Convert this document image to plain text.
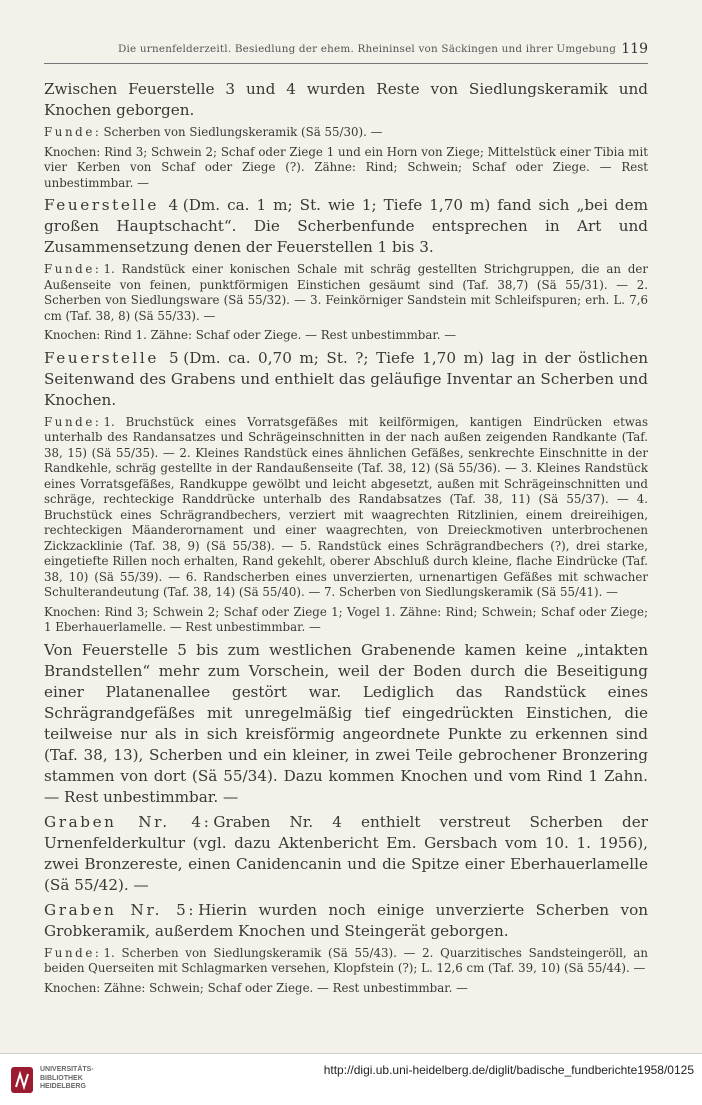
Die urnenfelderzeitl. Besiedlung der ehem. Rheininsel von Säckingen und ihrer Umgebung 119

Zwischen Feuerstelle 3 und 4 wurden Reste von Siedlungskeramik und Knochen geborgen.

Funde: Scherben von Siedlungskeramik (Sä 55/30). —

Knochen: Rind 3; Schwein 2; Schaf oder Ziege 1 und ein Horn von Ziege; Mittelstück einer Tibia mit vier Kerben von Schaf oder Ziege (?). Zähne: Rind; Schwein; Schaf oder Ziege. — Rest unbestimmbar. —

Feuerstelle 4 (Dm. ca. 1 m; St. wie 1; Tiefe 1,70 m) fand sich „bei dem großen Hauptschacht“. Die Scherbenfunde entsprechen in Art und Zusammensetzung denen der Feuerstellen 1 bis 3.

Funde: 1. Randstück einer konischen Schale mit schräg gestellten Strichgruppen, die an der Außenseite von feinen, punktförmigen Einstichen gesäumt sind (Taf. 38,7) (Sä 55/31). — 2. Scherben von Siedlungsware (Sä 55/32). — 3. Feinkörniger Sandstein mit Schleifspuren; erh. L. 7,6 cm (Taf. 38, 8) (Sä 55/33). —

Knochen: Rind 1. Zähne: Schaf oder Ziege. — Rest unbestimmbar. —

Feuerstelle 5 (Dm. ca. 0,70 m; St. ?; Tiefe 1,70 m) lag in der östlichen Seitenwand des Grabens und enthielt das geläufige Inventar an Scherben und Knochen.

Funde: 1. Bruchstück eines Vorratsgefäßes mit keilförmigen, kantigen Eindrücken etwas unterhalb des Randansatzes und Schrägeinschnitten in der nach außen zeigenden Randkante (Taf. 38, 15) (Sä 55/35). — 2. Kleines Randstück eines ähnlichen Gefäßes, senkrechte Einschnitte in der Randkehle, schräg gestellte in der Randaußenseite (Taf. 38, 12) (Sä 55/36). — 3. Kleines Randstück eines Vorratsgefäßes, Randkuppe gewölbt und leicht abgesetzt, außen mit Schrägeinschnitten und schräge, rechteckige Randdrücke unterhalb des Randabsatzes (Taf. 38, 11) (Sä 55/37). — 4. Bruchstück eines Schrägrandbechers, verziert mit waagrechten Ritzlinien, einem dreireihigen, rechteckigen Mäanderornament und einer waagrechten, von Dreieckmotiven unterbrochenen Zickzacklinie (Taf. 38, 9) (Sä 55/38). — 5. Randstück eines Schrägrandbechers (?), drei starke, eingetiefte Rillen noch erhalten, Rand gekehlt, oberer Abschluß durch kleine, flache Eindrücke (Taf. 38, 10) (Sä 55/39). — 6. Randscherben eines unverzierten, urnenartigen Gefäßes mit schwacher Schulterandeutung (Taf. 38, 14) (Sä 55/40). — 7. Scherben von Siedlungskeramik (Sä 55/41). —

Knochen: Rind 3; Schwein 2; Schaf oder Ziege 1; Vogel 1. Zähne: Rind; Schwein; Schaf oder Ziege; 1 Eberhauerlamelle. — Rest unbestimmbar. —

Von Feuerstelle 5 bis zum westlichen Grabenende kamen keine „intakten Brandstellen“ mehr zum Vorschein, weil der Boden durch die Beseitigung einer Platanenallee gestört war. Lediglich das Randstück eines Schrägrandgefäßes mit unregelmäßig tief eingedrückten Einstichen, die teilweise nur als in sich kreisförmig angeordnete Punkte zu erkennen sind (Taf. 38, 13), Scherben und ein kleiner, in zwei Teile gebrochener Bronzering stammen von dort (Sä 55/34). Dazu kommen Knochen und vom Rind 1 Zahn. — Rest unbestimmbar. —

Graben Nr. 4: Graben Nr. 4 enthielt verstreut Scherben der Urnenfelderkultur (vgl. dazu Aktenbericht Em. Gersbach vom 10. 1. 1956), zwei Bronzereste, einen Canidencanin und die Spitze einer Eberhauerlamelle (Sä 55/42). —

Graben Nr. 5: Hierin wurden noch einige unverzierte Scherben von Grobkeramik, außerdem Knochen und Steingerät geborgen.

Funde: 1. Scherben von Siedlungskeramik (Sä 55/43). — 2. Quarzitisches Sandsteingeröll, an beiden Querseiten mit Schlagmarken versehen, Klopfstein (?); L. 12,6 cm (Taf. 39, 10) (Sä 55/44). —

Knochen: Zähne: Schwein; Schaf oder Ziege. — Rest unbestimmbar. —

UNIVERSITÄTS-
BIBLIOTHEK
HEIDELBERG
http://digi.ub.uni-heidelberg.de/diglit/badische_fundberichte1958/0125
